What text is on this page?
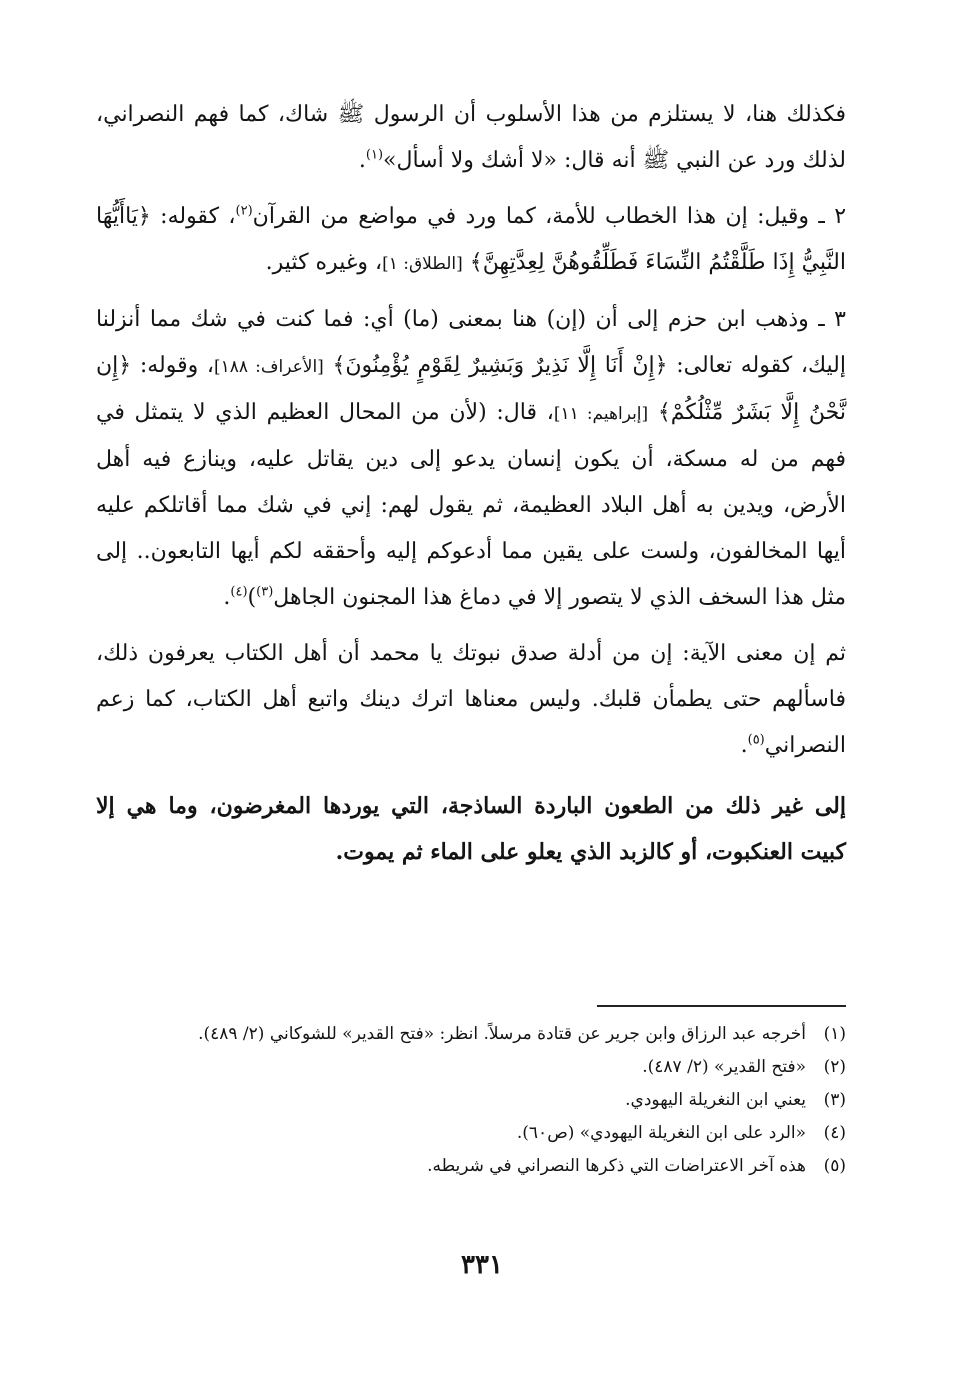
فكذلك هنا، لا يستلزم من هذا الأسلوب أن الرسول ﷺ شاك، كما فهم النصراني، لذلك ورد عن النبي ﷺ أنه قال: «لا أشك ولا أسأل»$^{(١)}$.

٢ ـ وقيل: إن هذا الخطاب للأمة، كما ورد في مواضع من القرآن$^{(٢)}$، كقوله: ﴿يَاأَيُّهَا النَّبِيُّ إِذَا طَلَّقْتُمُ النِّسَاءَ فَطَلِّقُوهُنَّ لِعِدَّتِهِنَّ﴾ [الطلاق: ١]، وغيره كثير.

٣ ـ وذهب ابن حزم إلى أن (إن) هنا بمعنى (ما) أي: فما كنت في شك مما أنزلنا إليك، كقوله تعالى: ﴿إِنْ أَنَا إِلَّا نَذِيرٌ وَبَشِيرٌ لِقَوْمٍ يُؤْمِنُونَ﴾ [الأعراف: ١٨٨]، وقوله: ﴿إِن نَّحْنُ إِلَّا بَشَرٌ مِّثْلُكُمْ﴾ [إبراهيم: ١١]، قال: (لأن من المحال العظيم الذي لا يتمثل في فهم من له مسكة، أن يكون إنسان يدعو إلى دين يقاتل عليه، وينازع فيه أهل الأرض، ويدين به أهل البلاد العظيمة، ثم يقول لهم: إني في شك مما أقاتلكم عليه أيها المخالفون، ولست على يقين مما أدعوكم إليه وأحققه لكم أيها التابعون.. إلى مثل هذا السخف الذي لا يتصور إلا في دماغ هذا المجنون الجاهل$^{(٣)}$)$^{(٤)}$.

ثم إن معنى الآية: إن من أدلة صدق نبوتك يا محمد أن أهل الكتاب يعرفون ذلك، فاسألهم حتى يطمأن قلبك. وليس معناها اترك دينك واتبع أهل الكتاب، كما زعم النصراني$^{(٥)}$.

إلى غير ذلك من الطعون الباردة الساذجة، التي يوردها المغرضون، وما هي إلا كبيت العنكبوت، أو كالزبد الذي يعلو على الماء ثم يموت.

(١)أخرجه عبد الرزاق وابن جرير عن قتادة مرسلاً. انظر: «فتح القدير» للشوكاني (٢/ ٤٨٩).

(٢)«فتح القدير» (٢/ ٤٨٧).

(٣)يعني ابن النغريلة اليهودي.

(٤)«الرد على ابن النغريلة اليهودي» (ص٦٠).

(٥)هذه آخر الاعتراضات التي ذكرها النصراني في شريطه.

٣٣١
